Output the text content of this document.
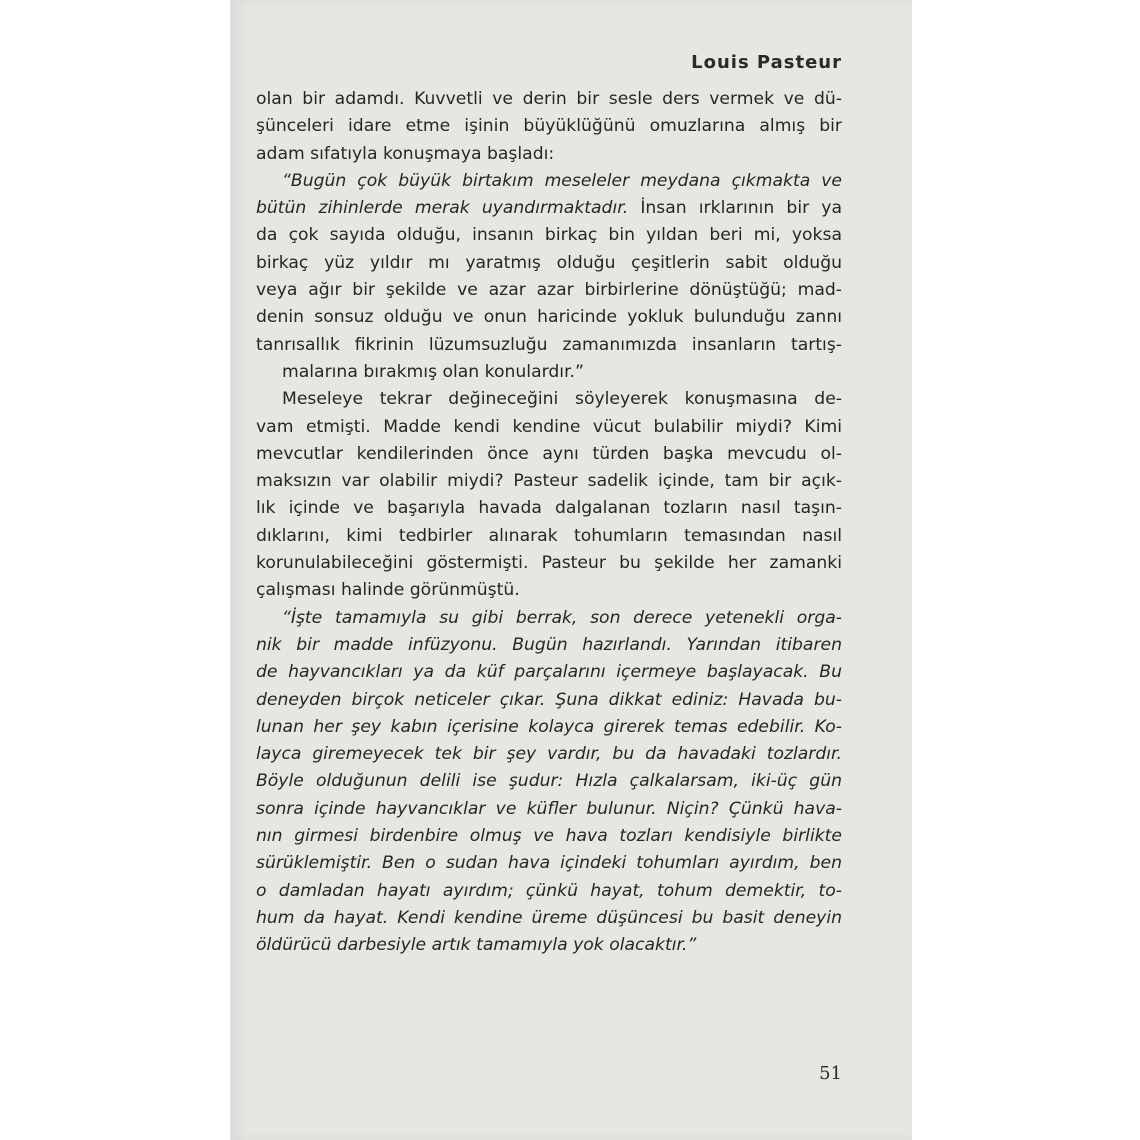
Louis Pasteur

olan bir adamdı. Kuvvetli ve derin bir sesle ders vermek ve dü-
şünceleri idare etme işinin büyüklüğünü omuzlarına almış bir
adam sıfatıyla konuşmaya başladı:

“Bugün çok büyük birtakım meseleler meydana çıkmakta ve
bütün zihinlerde merak uyandırmaktadır. İnsan ırklarının bir ya
da çok sayıda olduğu, insanın birkaç bin yıldan beri mi, yoksa
birkaç yüz yıldır mı yaratmış olduğu çeşitlerin sabit olduğu
veya ağır bir şekilde ve azar azar birbirlerine dönüştüğü; mad-
denin sonsuz olduğu ve onun haricinde yokluk bulunduğu zannı
tanrısallık fikrinin lüzumsuzluğu zamanımızda insanların tartış-
malarına bırakmış olan konulardır.”

Meseleye tekrar değineceğini söyleyerek konuşmasına de-
vam etmişti. Madde kendi kendine vücut bulabilir miydi? Kimi
mevcutlar kendilerinden önce aynı türden başka mevcudu ol-
maksızın var olabilir miydi? Pasteur sadelik içinde, tam bir açık-
lık içinde ve başarıyla havada dalgalanan tozların nasıl taşın-
dıklarını, kimi tedbirler alınarak tohumların temasından nasıl
korunulabileceğini göstermişti. Pasteur bu şekilde her zamanki
çalışması halinde görünmüştü.

“İşte tamamıyla su gibi berrak, son derece yetenekli orga-
nik bir madde infüzyonu. Bugün hazırlandı. Yarından itibaren
de hayvancıkları ya da küf parçalarını içermeye başlayacak. Bu
deneyden birçok neticeler çıkar. Şuna dikkat ediniz: Havada bu-
lunan her şey kabın içerisine kolayca girerek temas edebilir. Ko-
layca giremeyecek tek bir şey vardır, bu da havadaki tozlardır.
Böyle olduğunun delili ise şudur: Hızla çalkalarsam, iki-üç gün
sonra içinde hayvancıklar ve küfler bulunur. Niçin? Çünkü hava-
nın girmesi birdenbire olmuş ve hava tozları kendisiyle birlikte
sürüklemiştir. Ben o sudan hava içindeki tohumları ayırdım, ben
o damladan hayatı ayırdım; çünkü hayat, tohum demektir, to-
hum da hayat. Kendi kendine üreme düşüncesi bu basit deneyin
öldürücü darbesiyle artık tamamıyla yok olacaktır.”

51
